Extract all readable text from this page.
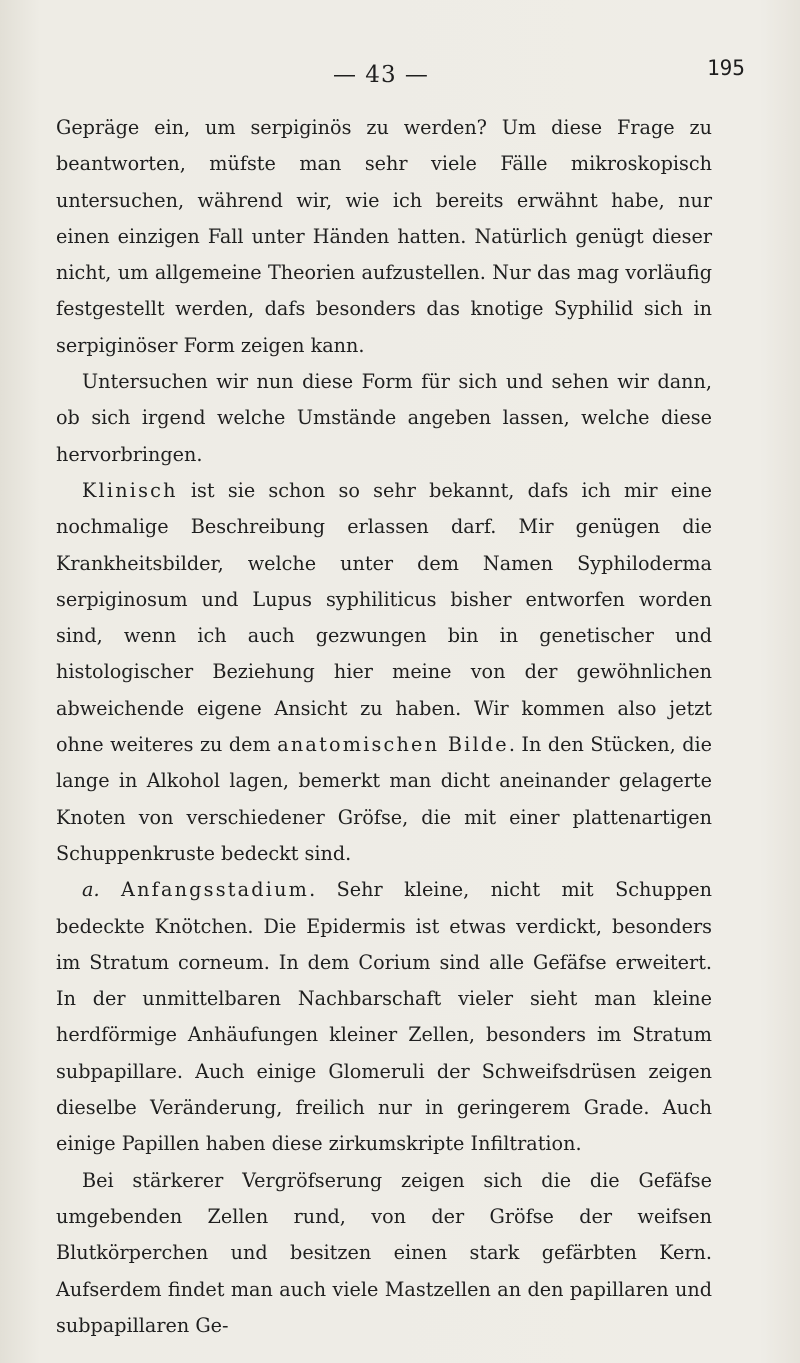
— 43 —	195

Gepräge ein, um serpiginös zu werden? Um diese Frage zu beantworten, müfste man sehr viele Fälle mikroskopisch untersuchen, während wir, wie ich bereits erwähnt habe, nur einen einzigen Fall unter Händen hatten. Natürlich genügt dieser nicht, um allgemeine Theorien aufzustellen. Nur das mag vorläufig festgestellt werden, dafs besonders das knotige Syphilid sich in serpiginöser Form zeigen kann.

Untersuchen wir nun diese Form für sich und sehen wir dann, ob sich irgend welche Umstände angeben lassen, welche diese hervorbringen.

Klinisch ist sie schon so sehr bekannt, dafs ich mir eine nochmalige Beschreibung erlassen darf. Mir genügen die Krankheitsbilder, welche unter dem Namen Syphiloderma serpiginosum und Lupus syphiliticus bisher entworfen worden sind, wenn ich auch gezwungen bin in genetischer und histologischer Beziehung hier meine von der gewöhnlichen abweichende eigene Ansicht zu haben. Wir kommen also jetzt ohne weiteres zu dem anatomischen Bilde. In den Stücken, die lange in Alkohol lagen, bemerkt man dicht aneinander gelagerte Knoten von verschiedener Gröfse, die mit einer plattenartigen Schuppenkruste bedeckt sind.

a. Anfangsstadium. Sehr kleine, nicht mit Schuppen bedeckte Knötchen. Die Epidermis ist etwas verdickt, besonders im Stratum corneum. In dem Corium sind alle Gefäfse erweitert. In der unmittelbaren Nachbarschaft vieler sieht man kleine herdförmige Anhäufungen kleiner Zellen, besonders im Stratum subpapillare. Auch einige Glomeruli der Schweifsdrüsen zeigen dieselbe Veränderung, freilich nur in geringerem Grade. Auch einige Papillen haben diese zirkumskripte Infiltration.

Bei stärkerer Vergröfserung zeigen sich die die Gefäfse umgebenden Zellen rund, von der Gröfse der weifsen Blutkörperchen und besitzen einen stark gefärbten Kern. Aufserdem findet man auch viele Mastzellen an den papillaren und subpapillaren Ge-
